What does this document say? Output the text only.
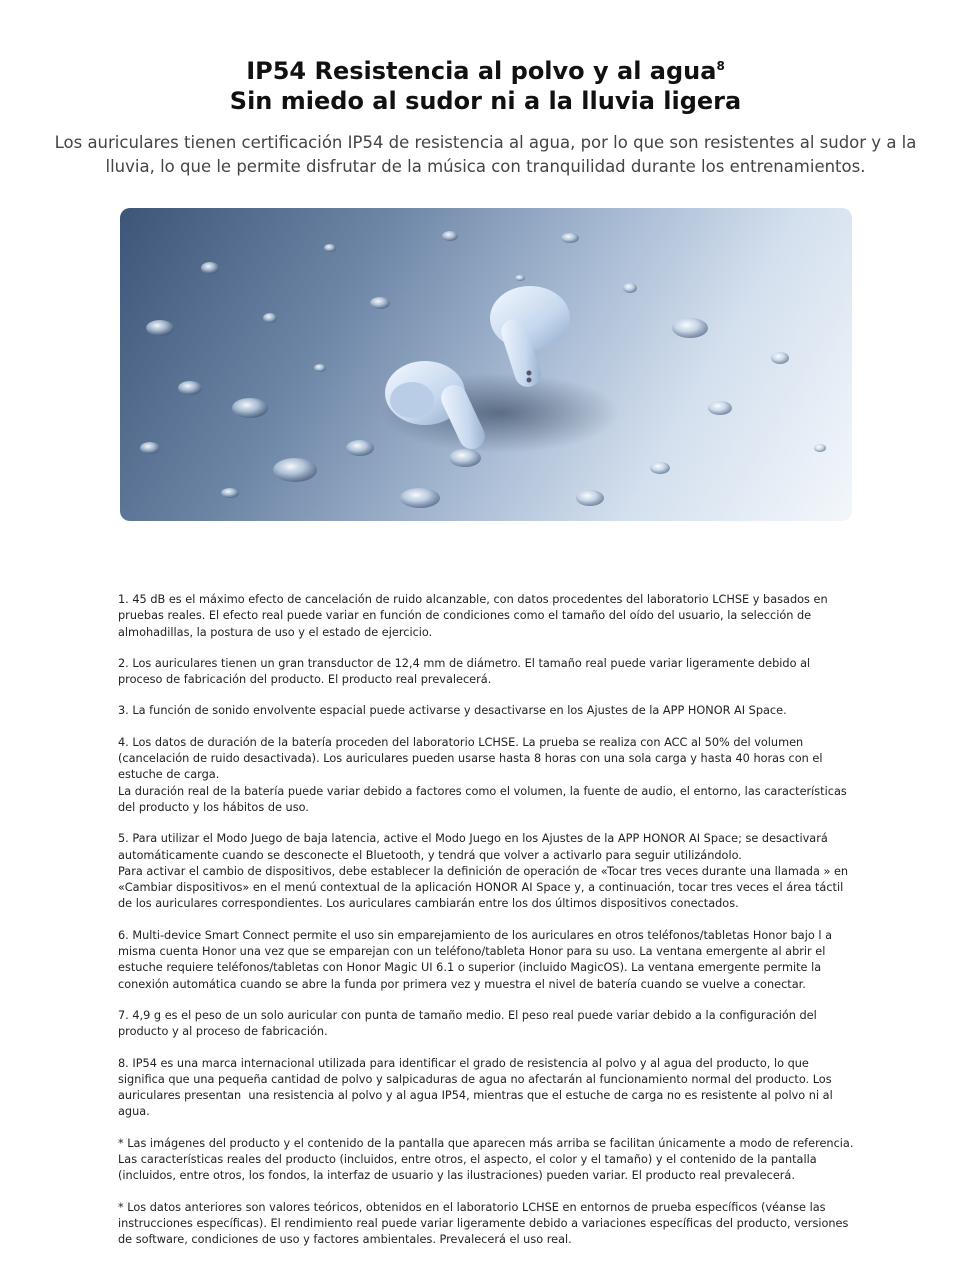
IP54 Resistencia al polvo y al agua$^8$
Sin miedo al sudor ni a la lluvia ligera

Los auriculares tienen certificación IP54 de resistencia al agua, por lo que son resistentes al sudor y a la lluvia, lo que le permite disfrutar de la música con tranquilidad durante los entrenamientos.

1. 45 dB es el máximo efecto de cancelación de ruido alcanzable, con datos procedentes del laboratorio LCHSE y basados en  pruebas reales. El efecto real puede variar en función de condiciones como el tamaño del oído del usuario, la selección de almohadillas, la postura de uso y el estado de ejercicio.

2. Los auriculares tienen un gran transductor de 12,4 mm de diámetro. El tamaño real puede variar ligeramente debido al proceso de fabricación del producto. El producto real prevalecerá.

3. La función de sonido envolvente espacial puede activarse y desactivarse en los Ajustes de la APP HONOR AI Space.

4. Los datos de duración de la batería proceden del laboratorio LCHSE. La prueba se realiza con ACC al 50% del volumen (cancelación de ruido desactivada). Los auriculares pueden usarse hasta 8 horas con una sola carga y hasta 40 horas con el estuche de carga.
La duración real de la batería puede variar debido a factores como el volumen, la fuente de audio, el entorno, las características del producto y los hábitos de uso.

5. Para utilizar el Modo Juego de baja latencia, active el Modo Juego en los Ajustes de la APP HONOR AI Space; se desactivará automáticamente cuando se desconecte el Bluetooth, y tendrá que volver a activarlo para seguir utilizándolo.
Para activar el cambio de dispositivos, debe establecer la definición de operación de «Tocar tres veces durante una llamada » en «Cambiar dispositivos» en el menú contextual de la aplicación HONOR AI Space y, a continuación, tocar tres veces el área táctil de los auriculares correspondientes. Los auriculares cambiarán entre los dos últimos dispositivos conectados.

6. Multi-device Smart Connect permite el uso sin emparejamiento de los auriculares en otros teléfonos/tabletas Honor bajo l a misma cuenta Honor una vez que se emparejan con un teléfono/tableta Honor para su uso. La ventana emergente al abrir el estuche requiere teléfonos/tabletas con Honor Magic UI 6.1 o superior (incluido MagicOS). La ventana emergente permite la conexión automática cuando se abre la funda por primera vez y muestra el nivel de batería cuando se vuelve a conectar.

7. 4,9 g es el peso de un solo auricular con punta de tamaño medio. El peso real puede variar debido a la configuración del producto y al proceso de fabricación.

8. IP54 es una marca internacional utilizada para identificar el grado de resistencia al polvo y al agua del producto, lo que significa que una pequeña cantidad de polvo y salpicaduras de agua no afectarán al funcionamiento normal del producto. Los auriculares presentan  una resistencia al polvo y al agua IP54, mientras que el estuche de carga no es resistente al polvo ni al agua.

* Las imágenes del producto y el contenido de la pantalla que aparecen más arriba se facilitan únicamente a modo de referencia. Las características reales del producto (incluidos, entre otros, el aspecto, el color y el tamaño) y el contenido de la pantalla (incluidos, entre otros, los fondos, la interfaz de usuario y las ilustraciones) pueden variar. El producto real prevalecerá.

* Los datos anteriores son valores teóricos, obtenidos en el laboratorio LCHSE en entornos de prueba específicos (véanse las instrucciones específicas). El rendimiento real puede variar ligeramente debido a variaciones específicas del producto, versiones de software, condiciones de uso y factores ambientales. Prevalecerá el uso real.
